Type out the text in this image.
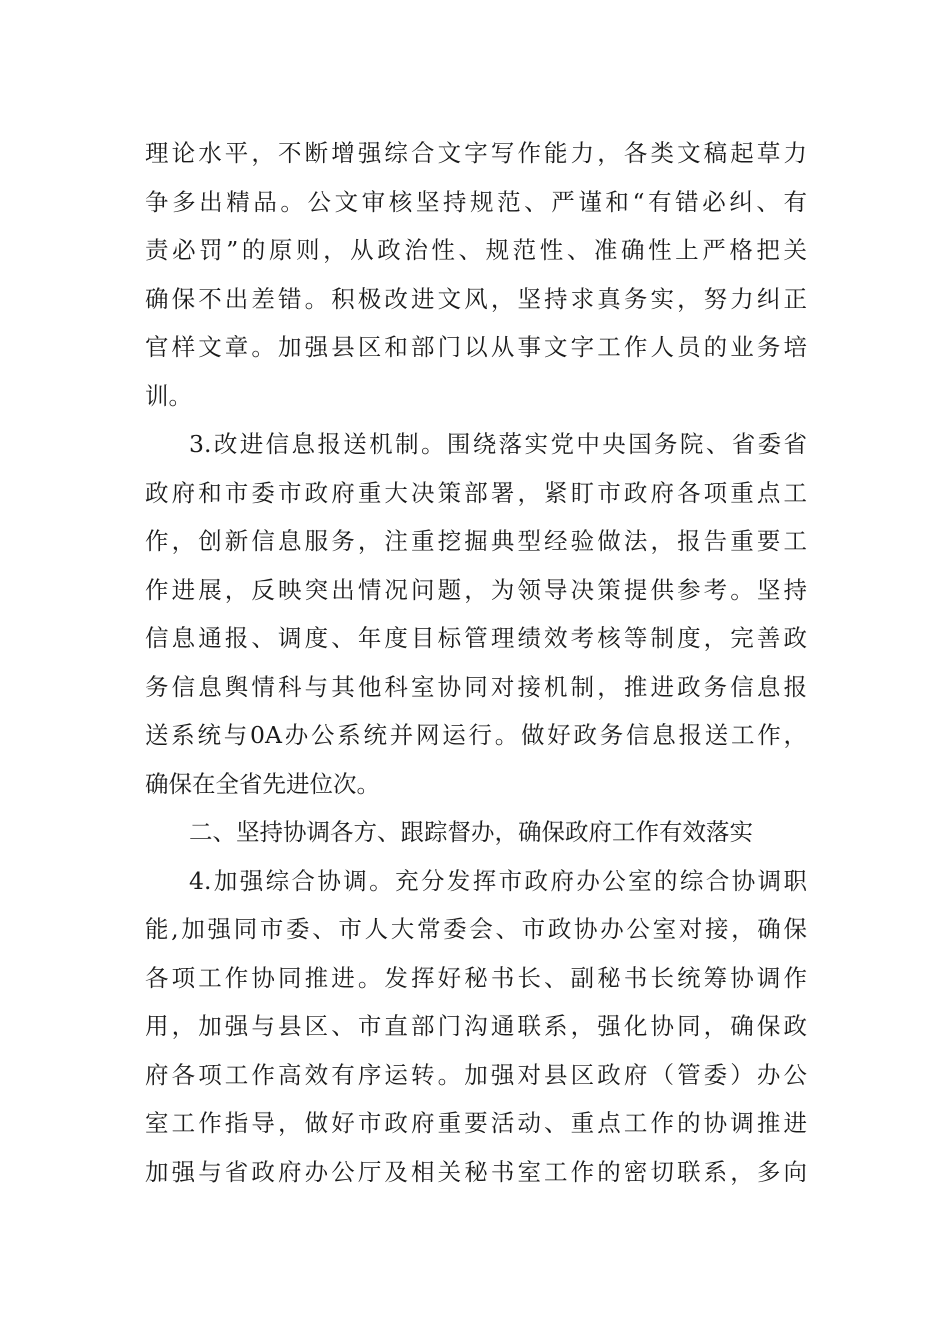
理论水平，不断增强综合文字写作能力，各类文稿起草力
争多出精品。公文审核坚持规范、严谨和“有错必纠、有
责必罚”的原则，从政治性、规范性、准确性上严格把关
确保不出差错。积极改进文风，坚持求真务实，努力纠正
官样文章。加强县区和部门以从事文字工作人员的业务培
训。
3.改进信息报送机制。围绕落实党中央国务院、省委省
政府和市委市政府重大决策部署，紧盯市政府各项重点工
作，创新信息服务，注重挖掘典型经验做法，报告重要工
作进展，反映突出情况问题，为领导决策提供参考。坚持
信息通报、调度、年度目标管理绩效考核等制度，完善政
务信息舆情科与其他科室协同对接机制，推进政务信息报
送系统与0A办公系统并网运行。做好政务信息报送工作，
确保在全省先进位次。
二、坚持协调各方、跟踪督办，确保政府工作有效落实
4.加强综合协调。充分发挥市政府办公室的综合协调职
能,加强同市委、市人大常委会、市政协办公室对接，确保
各项工作协同推进。发挥好秘书长、副秘书长统筹协调作
用，加强与县区、市直部门沟通联系，强化协同，确保政
府各项工作高效有序运转。加强对县区政府（管委）办公
室工作指导，做好市政府重要活动、重点工作的协调推进
加强与省政府办公厅及相关秘书室工作的密切联系，多向
